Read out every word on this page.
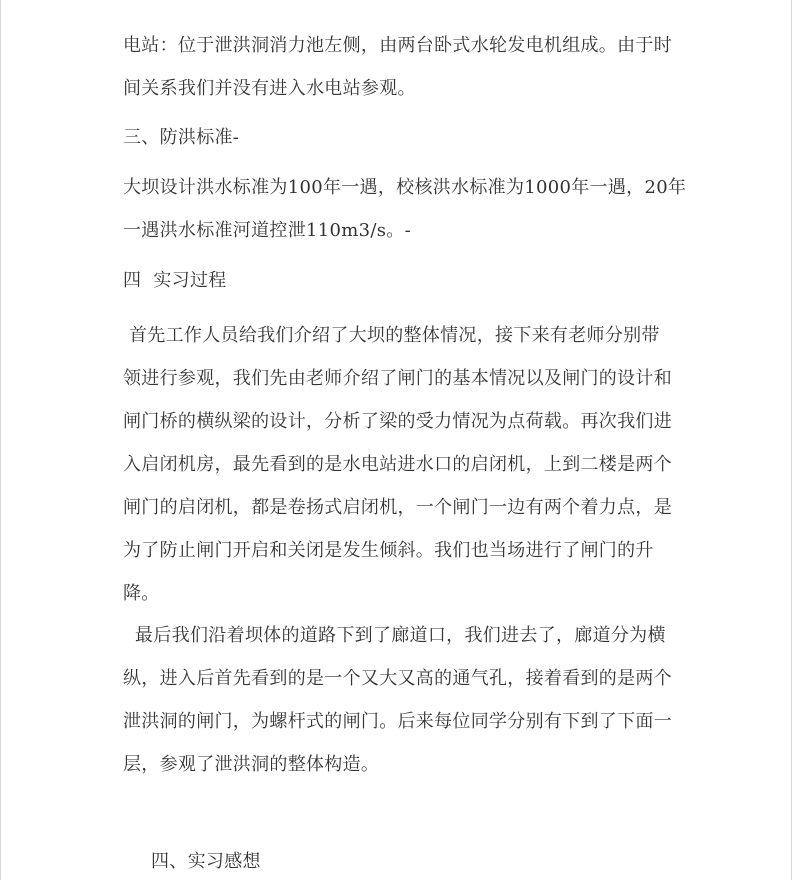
电站：位于泄洪洞消力池左侧，由两台卧式水轮发电机组成。由于时
间关系我们并没有进入水电站参观。
三、防洪标准-
大坝设计洪水标准为100年一遇，校核洪水标准为1000年一遇，20年
一遇洪水标准河道控泄110m3/s。-
四  实习过程
首先工作人员给我们介绍了大坝的整体情况，接下来有老师分别带
领进行参观，我们先由老师介绍了闸门的基本情况以及闸门的设计和
闸门桥的横纵梁的设计，分析了梁的受力情况为点荷载。再次我们进
入启闭机房，最先看到的是水电站进水口的启闭机，上到二楼是两个
闸门的启闭机，都是卷扬式启闭机，一个闸门一边有两个着力点，是
为了防止闸门开启和关闭是发生倾斜。我们也当场进行了闸门的升
降。
最后我们沿着坝体的道路下到了廊道口，我们进去了，廊道分为横
纵，进入后首先看到的是一个又大又高的通气孔，接着看到的是两个
泄洪洞的闸门，为螺杆式的闸门。后来每位同学分别有下到了下面一
层，参观了泄洪洞的整体构造。
四、实习感想
